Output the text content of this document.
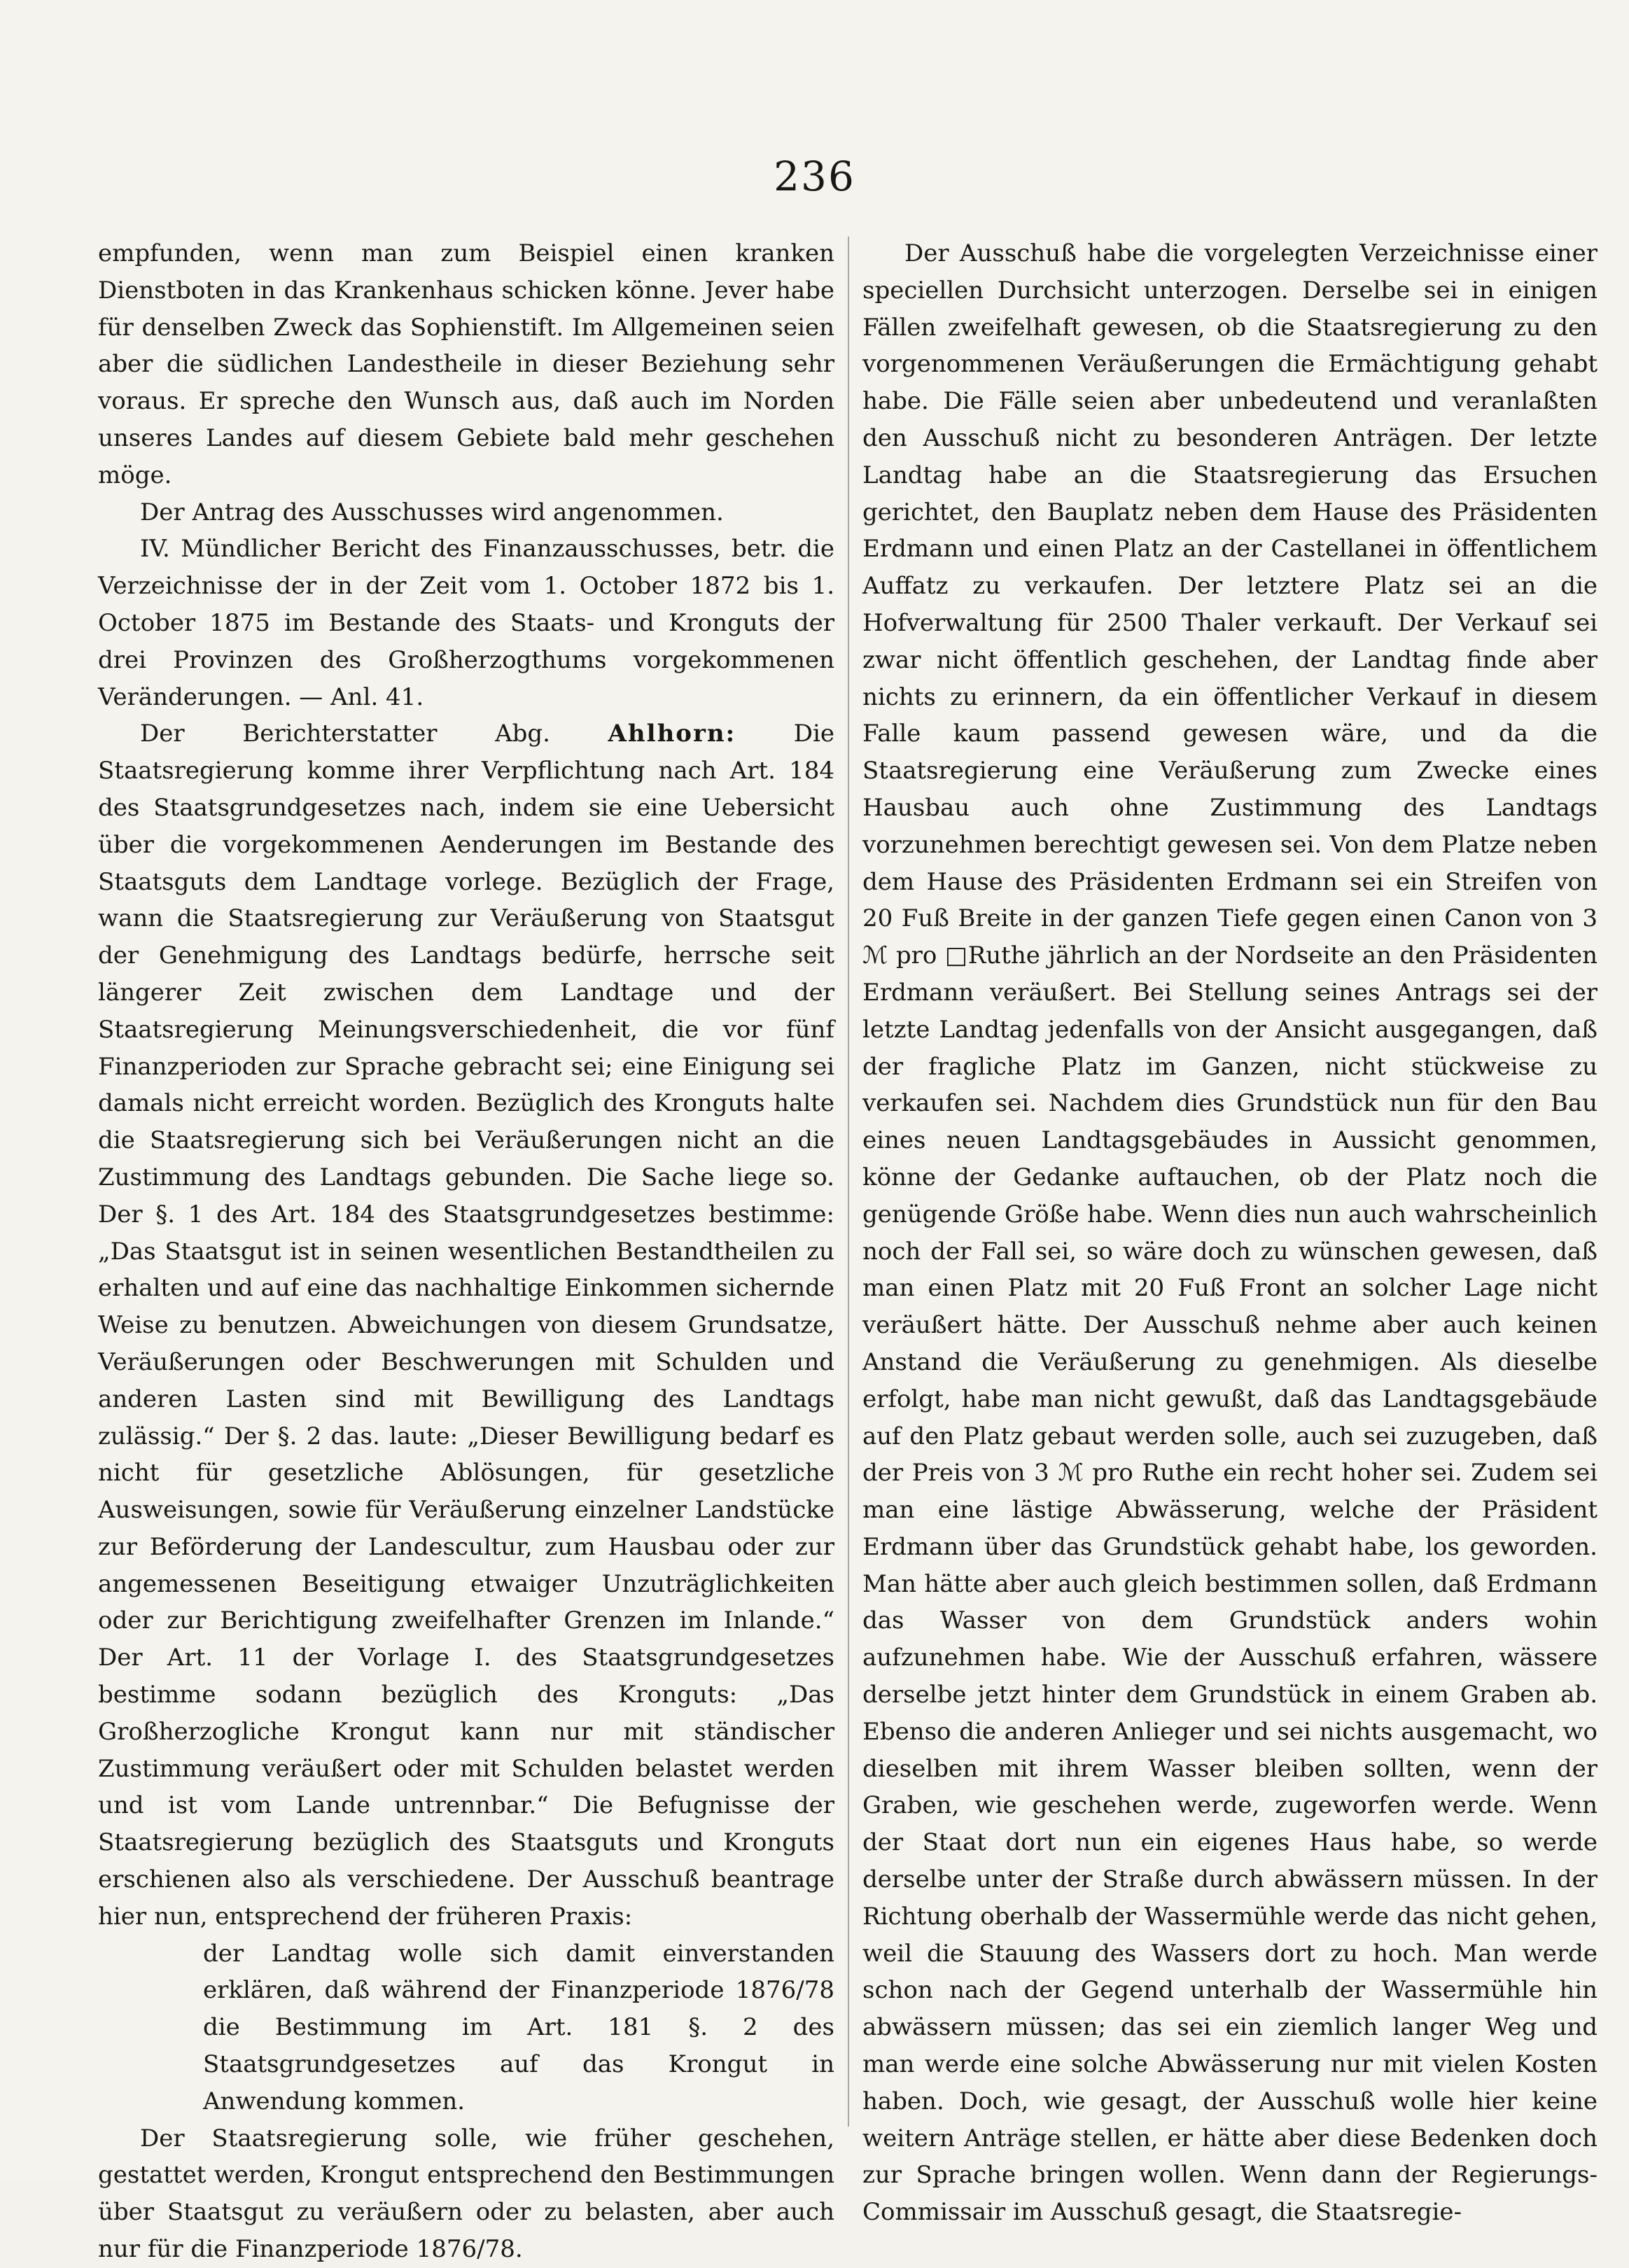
236

empfunden, wenn man zum Beispiel einen kranken Dienstboten in das Krankenhaus schicken könne. Jever habe für denselben Zweck das Sophienstift. Im Allgemeinen seien aber die südlichen Landestheile in dieser Beziehung sehr voraus. Er spreche den Wunsch aus, daß auch im Norden unseres Landes auf diesem Gebiete bald mehr geschehen möge.

Der Antrag des Ausschusses wird angenommen.

IV. Mündlicher Bericht des Finanzausschusses, betr. die Verzeichnisse der in der Zeit vom 1. October 1872 bis 1. October 1875 im Bestande des Staats- und Kronguts der drei Provinzen des Großherzogthums vorgekommenen Veränderungen. — Anl. 41.

Der Berichterstatter Abg. Ahlhorn: Die Staatsregierung komme ihrer Verpflichtung nach Art. 184 des Staatsgrundgesetzes nach, indem sie eine Uebersicht über die vorgekommenen Aenderungen im Bestande des Staatsguts dem Landtage vorlege. Bezüglich der Frage, wann die Staatsregierung zur Veräußerung von Staatsgut der Genehmigung des Landtags bedürfe, herrsche seit längerer Zeit zwischen dem Landtage und der Staatsregierung Meinungsverschiedenheit, die vor fünf Finanzperioden zur Sprache gebracht sei; eine Einigung sei damals nicht erreicht worden. Bezüglich des Kronguts halte die Staatsregierung sich bei Veräußerungen nicht an die Zustimmung des Landtags gebunden. Die Sache liege so. Der §. 1 des Art. 184 des Staatsgrundgesetzes bestimme: „Das Staatsgut ist in seinen wesentlichen Bestandtheilen zu erhalten und auf eine das nachhaltige Einkommen sichernde Weise zu benutzen. Abweichungen von diesem Grundsatze, Veräußerungen oder Beschwerungen mit Schulden und anderen Lasten sind mit Bewilligung des Landtags zulässig.“ Der §. 2 das. laute: „Dieser Bewilligung bedarf es nicht für gesetzliche Ablösungen, für gesetzliche Ausweisungen, sowie für Veräußerung einzelner Landstücke zur Beförderung der Landescultur, zum Hausbau oder zur angemessenen Beseitigung etwaiger Unzuträglichkeiten oder zur Berichtigung zweifelhafter Grenzen im Inlande.“ Der Art. 11 der Vorlage I. des Staatsgrundgesetzes bestimme sodann bezüglich des Kronguts: „Das Großherzogliche Krongut kann nur mit ständischer Zustimmung veräußert oder mit Schulden belastet werden und ist vom Lande untrennbar.“ Die Befugnisse der Staatsregierung bezüglich des Staatsguts und Kronguts erschienen also als verschiedene. Der Ausschuß beantrage hier nun, entsprechend der früheren Praxis:

der Landtag wolle sich damit einverstanden erklären, daß während der Finanzperiode 1876/78 die Bestimmung im Art. 181 §. 2 des Staatsgrundgesetzes auf das Krongut in Anwendung kommen.

Der Staatsregierung solle, wie früher geschehen, gestattet werden, Krongut entsprechend den Bestimmungen über Staatsgut zu veräußern oder zu belasten, aber auch nur für die Finanzperiode 1876/78.

Der Ausschuß habe die vorgelegten Verzeichnisse einer speciellen Durchsicht unterzogen. Derselbe sei in einigen Fällen zweifelhaft gewesen, ob die Staatsregierung zu den vorgenommenen Veräußerungen die Ermächtigung gehabt habe. Die Fälle seien aber unbedeutend und veranlaßten den Ausschuß nicht zu besonderen Anträgen. Der letzte Landtag habe an die Staatsregierung das Ersuchen gerichtet, den Bauplatz neben dem Hause des Präsidenten Erdmann und einen Platz an der Castellanei in öffentlichem Auffatz zu verkaufen. Der letztere Platz sei an die Hofverwaltung für 2500 Thaler verkauft. Der Verkauf sei zwar nicht öffentlich geschehen, der Landtag finde aber nichts zu erinnern, da ein öffentlicher Verkauf in diesem Falle kaum passend gewesen wäre, und da die Staatsregierung eine Veräußerung zum Zwecke eines Hausbau auch ohne Zustimmung des Landtags vorzunehmen berechtigt gewesen sei. Von dem Platze neben dem Hause des Präsidenten Erdmann sei ein Streifen von 20 Fuß Breite in der ganzen Tiefe gegen einen Canon von 3 ℳ pro □Ruthe jährlich an der Nordseite an den Präsidenten Erdmann veräußert. Bei Stellung seines Antrags sei der letzte Landtag jedenfalls von der Ansicht ausgegangen, daß der fragliche Platz im Ganzen, nicht stückweise zu verkaufen sei. Nachdem dies Grundstück nun für den Bau eines neuen Landtagsgebäudes in Aussicht genommen, könne der Gedanke auftauchen, ob der Platz noch die genügende Größe habe. Wenn dies nun auch wahrscheinlich noch der Fall sei, so wäre doch zu wünschen gewesen, daß man einen Platz mit 20 Fuß Front an solcher Lage nicht veräußert hätte. Der Ausschuß nehme aber auch keinen Anstand die Veräußerung zu genehmigen. Als dieselbe erfolgt, habe man nicht gewußt, daß das Landtagsgebäude auf den Platz gebaut werden solle, auch sei zuzugeben, daß der Preis von 3 ℳ pro Ruthe ein recht hoher sei. Zudem sei man eine lästige Abwässerung, welche der Präsident Erdmann über das Grundstück gehabt habe, los geworden. Man hätte aber auch gleich bestimmen sollen, daß Erdmann das Wasser von dem Grundstück anders wohin aufzunehmen habe. Wie der Ausschuß erfahren, wässere derselbe jetzt hinter dem Grundstück in einem Graben ab. Ebenso die anderen Anlieger und sei nichts ausgemacht, wo dieselben mit ihrem Wasser bleiben sollten, wenn der Graben, wie geschehen werde, zugeworfen werde. Wenn der Staat dort nun ein eigenes Haus habe, so werde derselbe unter der Straße durch abwässern müssen. In der Richtung oberhalb der Wassermühle werde das nicht gehen, weil die Stauung des Wassers dort zu hoch. Man werde schon nach der Gegend unterhalb der Wassermühle hin abwässern müssen; das sei ein ziemlich langer Weg und man werde eine solche Abwässerung nur mit vielen Kosten haben. Doch, wie gesagt, der Ausschuß wolle hier keine weitern Anträge stellen, er hätte aber diese Bedenken doch zur Sprache bringen wollen. Wenn dann der Regierungs-Commissair im Ausschuß gesagt, die Staatsregie-
